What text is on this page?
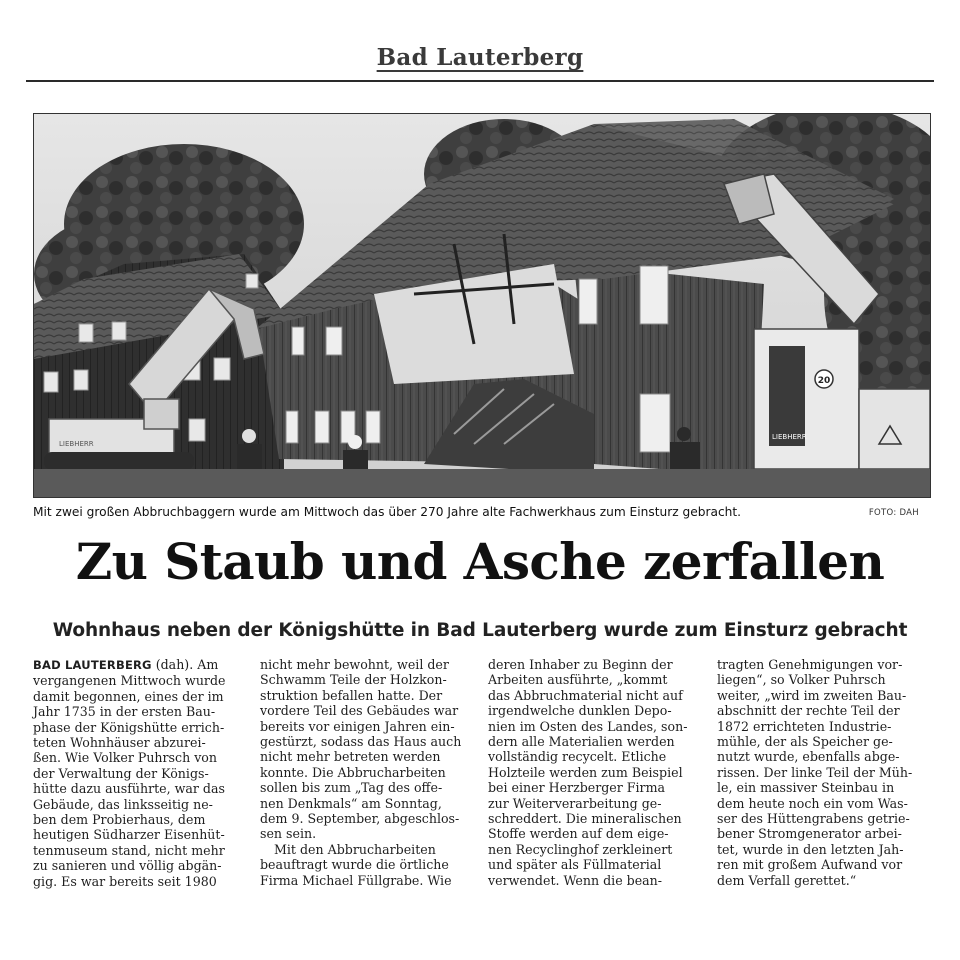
Bad Lauterberg
LIEBHERR
20
LIEBHERR
Mit zwei großen Abbruchbaggern wurde am Mittwoch das über 270 Jahre alte Fachwerkhaus zum Einsturz gebracht.	FOTO: DAH
Zu Staub und Asche zerfallen
Wohnhaus neben der Königshütte in Bad Lauterberg wurde zum Einsturz gebracht

BAD LAUTERBERG (dah). Am
vergangenen Mittwoch wurde
damit begonnen, eines der im
Jahr 1735 in der ersten Bau-
phase der Königshütte errich-
teten Wohnhäuser abzurei-
ßen. Wie Volker Puhrsch von
der Verwaltung der Königs-
hütte dazu ausführte, war das
Gebäude, das linksseitig ne-
ben dem Probierhaus, dem
heutigen Südharzer Eisenhüt-
tenmuseum stand, nicht mehr
zu sanieren und völlig abgän-
gig. Es war bereits seit 1980

nicht mehr bewohnt, weil der
Schwamm Teile der Holzkon-
struktion befallen hatte. Der
vordere Teil des Gebäudes war
bereits vor einigen Jahren ein-
gestürzt, sodass das Haus auch
nicht mehr betreten werden
konnte. Die Abbrucharbeiten
sollen bis zum „Tag des offe-
nen Denkmals“ am Sonntag,
dem 9. September, abgeschlos-
sen sein.

Mit den Abbrucharbeiten
beauftragt wurde die örtliche
Firma Michael Füllgrabe. Wie

deren Inhaber zu Beginn der
Arbeiten ausführte, „kommt
das Abbruchmaterial nicht auf
irgendwelche dunklen Depo-
nien im Osten des Landes, son-
dern alle Materialien werden
vollständig recycelt. Etliche
Holzteile werden zum Beispiel
bei einer Herzberger Firma
zur Weiterverarbeitung ge-
schreddert. Die mineralischen
Stoffe werden auf dem eige-
nen Recyclinghof zerkleinert
und später als Füllmaterial
verwendet. Wenn die bean-

tragten Genehmigungen vor-
liegen“, so Volker Puhrsch
weiter, „wird im zweiten Bau-
abschnitt der rechte Teil der
1872 errichteten Industrie-
mühle, der als Speicher ge-
nutzt wurde, ebenfalls abge-
rissen. Der linke Teil der Müh-
le, ein massiver Steinbau in
dem heute noch ein vom Was-
ser des Hüttengrabens getrie-
bener Stromgenerator arbei-
tet, wurde in den letzten Jah-
ren mit großem Aufwand vor
dem Verfall gerettet.“
